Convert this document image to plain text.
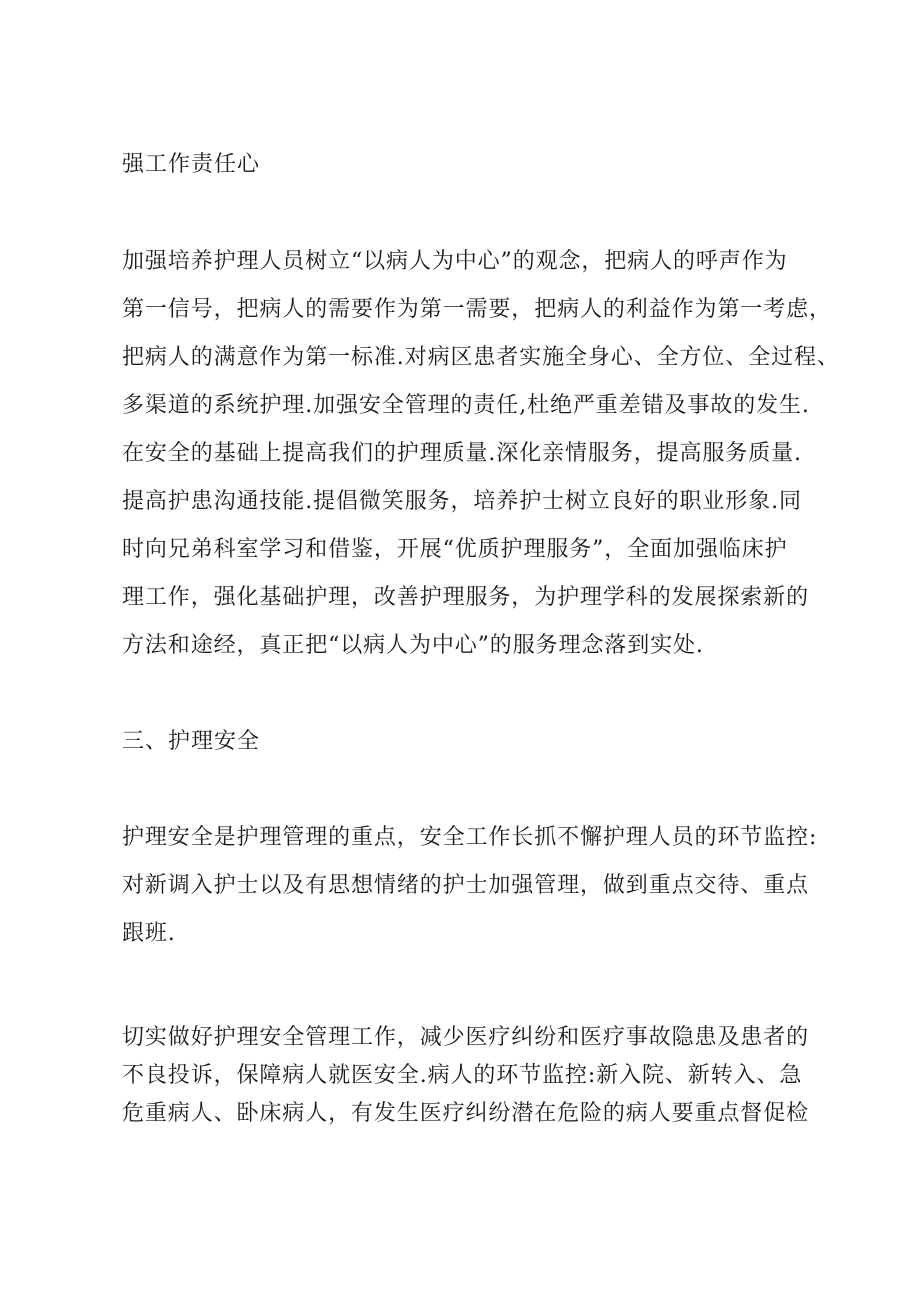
强工作责任心
加强培养护理人员树立“以病人为中心”的观念，把病人的呼声作为
第一信号，把病人的需要作为第一需要，把病人的利益作为第一考虑，
把病人的满意作为第一标准.对病区患者实施全身心、全方位、全过程、
多渠道的系统护理.加强安全管理的责任,杜绝严重差错及事故的发生.
在安全的基础上提高我们的护理质量.深化亲情服务，提高服务质量.
提高护患沟通技能.提倡微笑服务，培养护士树立良好的职业形象.同
时向兄弟科室学习和借鉴，开展“优质护理服务”，全面加强临床护
理工作，强化基础护理，改善护理服务，为护理学科的发展探索新的
方法和途经，真正把“以病人为中心”的服务理念落到实处.
三、护理安全
护理安全是护理管理的重点，安全工作长抓不懈护理人员的环节监控:
对新调入护士以及有思想情绪的护士加强管理，做到重点交待、重点
跟班.
切实做好护理安全管理工作，减少医疗纠纷和医疗事故隐患及患者的
不良投诉，保障病人就医安全.病人的环节监控:新入院、新转入、急
危重病人、卧床病人，有发生医疗纠纷潜在危险的病人要重点督促检
